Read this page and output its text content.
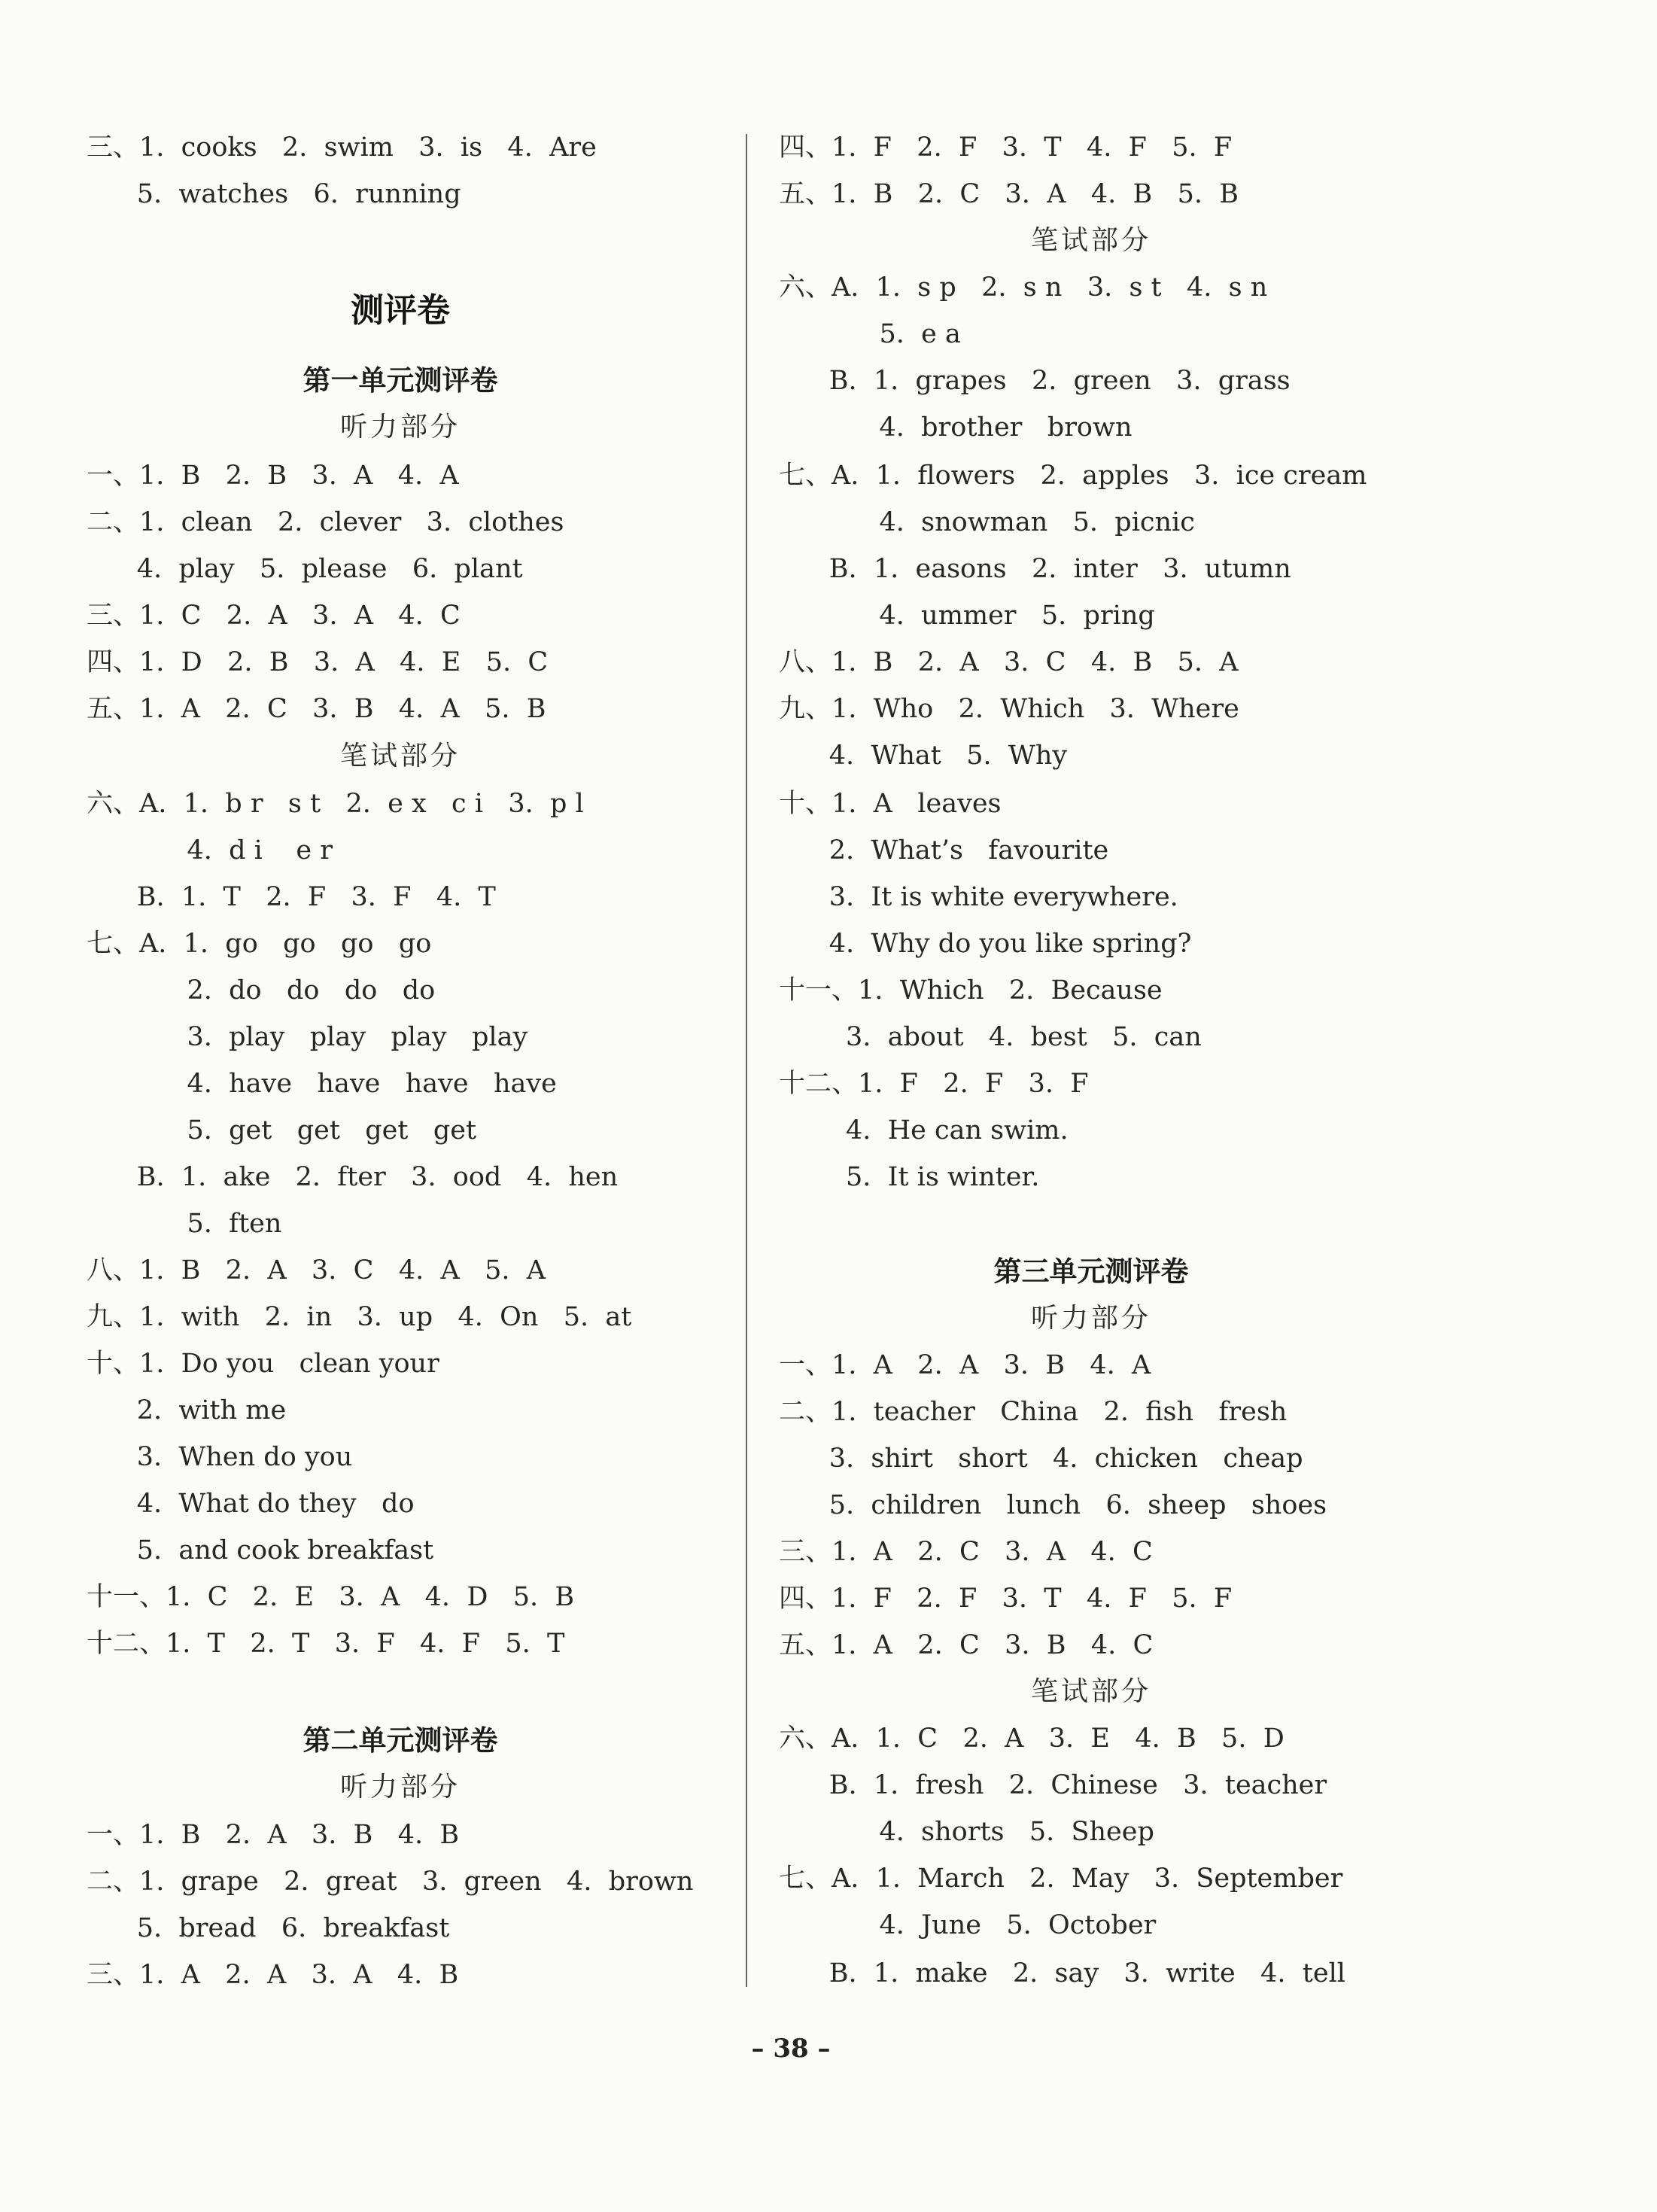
三、1.  cooks   2.  swim   3.  is   4.  Are
5.  watches   6.  running
测评卷
第一单元测评卷
听力部分
一、1.  B   2.  B   3.  A   4.  A
二、1.  clean   2.  clever   3.  clothes
4.  play   5.  please   6.  plant
三、1.  C   2.  A   3.  A   4.  C
四、1.  D   2.  B   3.  A   4.  E   5.  C
五、1.  A   2.  C   3.  B   4.  A   5.  B
笔试部分
六、A.  1.  b r   s t   2.  e x   c i   3.  p l
4.  d i    e r
B.  1.  T   2.  F   3.  F   4.  T
七、A.  1.  go   go   go   go
2.  do   do   do   do
3.  play   play   play   play
4.  have   have   have   have
5.  get   get   get   get
B.  1.  ake   2.  fter   3.  ood   4.  hen
5.  ften
八、1.  B   2.  A   3.  C   4.  A   5.  A
九、1.  with   2.  in   3.  up   4.  On   5.  at
十、1.  Do you   clean your
2.  with me
3.  When do you
4.  What do they   do
5.  and cook breakfast
十一、1.  C   2.  E   3.  A   4.  D   5.  B
十二、1.  T   2.  T   3.  F   4.  F   5.  T
第二单元测评卷
听力部分
一、1.  B   2.  A   3.  B   4.  B
二、1.  grape   2.  great   3.  green   4.  brown
5.  bread   6.  breakfast
三、1.  A   2.  A   3.  A   4.  B
四、1.  F   2.  F   3.  T   4.  F   5.  F
五、1.  B   2.  C   3.  A   4.  B   5.  B
笔试部分
六、A.  1.  s p   2.  s n   3.  s t   4.  s n
5.  e a
B.  1.  grapes   2.  green   3.  grass
4.  brother   brown
七、A.  1.  flowers   2.  apples   3.  ice cream
4.  snowman   5.  picnic
B.  1.  easons   2.  inter   3.  utumn
4.  ummer   5.  pring
八、1.  B   2.  A   3.  C   4.  B   5.  A
九、1.  Who   2.  Which   3.  Where
4.  What   5.  Why
十、1.  A   leaves
2.  What’s   favourite
3.  It is white everywhere.
4.  Why do you like spring?
十一、1.  Which   2.  Because
3.  about   4.  best   5.  can
十二、1.  F   2.  F   3.  F
4.  He can swim.
5.  It is winter.
第三单元测评卷
听力部分
一、1.  A   2.  A   3.  B   4.  A
二、1.  teacher   China   2.  fish   fresh
3.  shirt   short   4.  chicken   cheap
5.  children   lunch   6.  sheep   shoes
三、1.  A   2.  C   3.  A   4.  C
四、1.  F   2.  F   3.  T   4.  F   5.  F
五、1.  A   2.  C   3.  B   4.  C
笔试部分
六、A.  1.  C   2.  A   3.  E   4.  B   5.  D
B.  1.  fresh   2.  Chinese   3.  teacher
4.  shorts   5.  Sheep
七、A.  1.  March   2.  May   3.  September
4.  June   5.  October
B.  1.  make   2.  say   3.  write   4.  tell
– 38 –
